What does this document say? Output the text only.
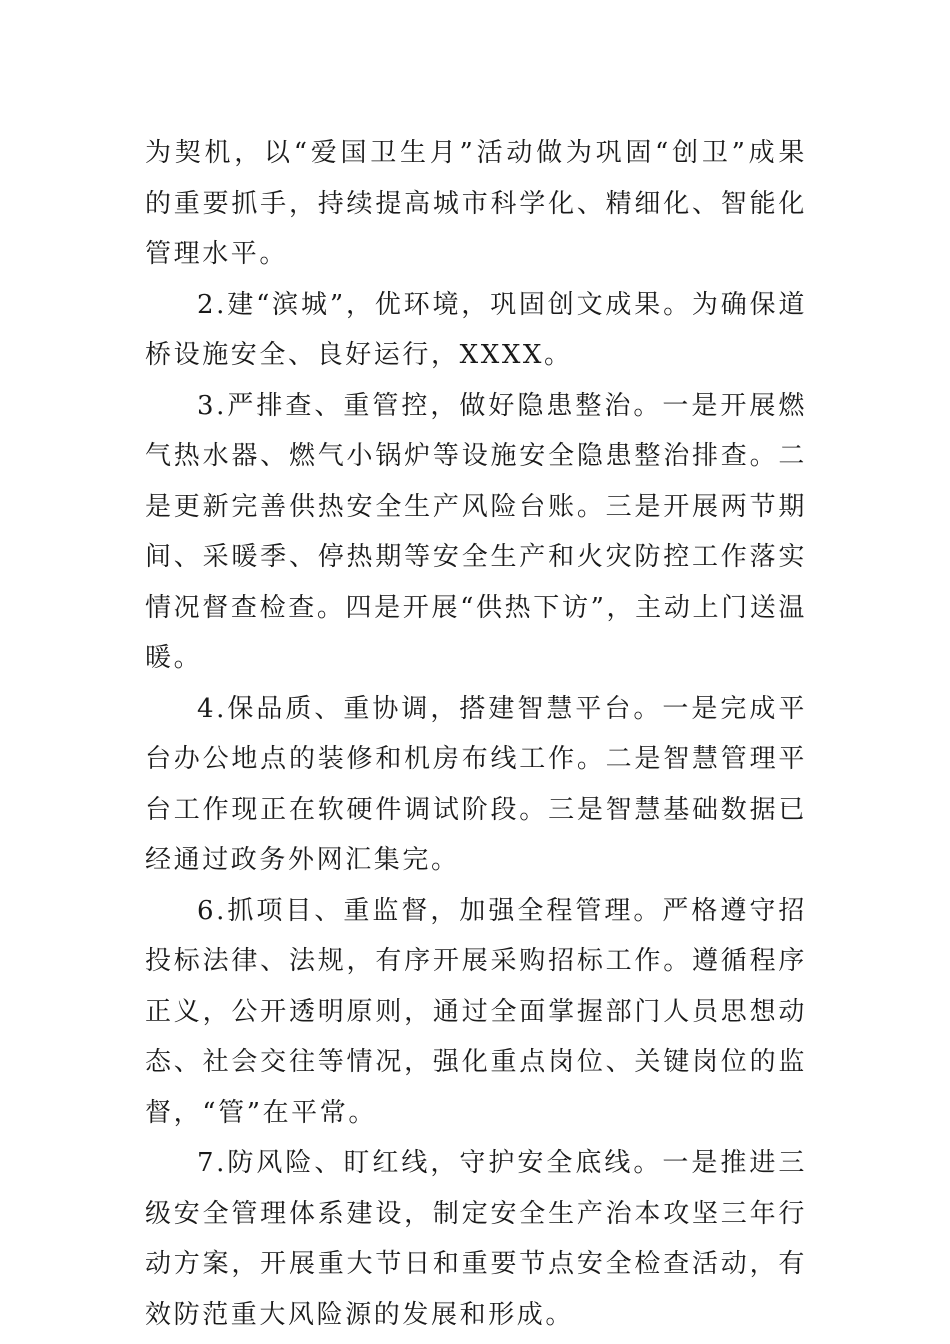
为契机，以“爱国卫生月”活动做为巩固“创卫”成果的重要抓手，持续提高城市科学化、精细化、智能化管理水平。

2.建“滨城”，优环境，巩固创文成果。为确保道桥设施安全、良好运行，XXXX。

3.严排查、重管控，做好隐患整治。一是开展燃气热水器、燃气小锅炉等设施安全隐患整治排查。二是更新完善供热安全生产风险台账。三是开展两节期间、采暖季、停热期等安全生产和火灾防控工作落实情况督查检查。四是开展“供热下访”，主动上门送温暖。

4.保品质、重协调，搭建智慧平台。一是完成平台办公地点的装修和机房布线工作。二是智慧管理平台工作现正在软硬件调试阶段。三是智慧基础数据已经通过政务外网汇集完。

6.抓项目、重监督，加强全程管理。严格遵守招投标法律、法规，有序开展采购招标工作。遵循程序正义，公开透明原则，通过全面掌握部门人员思想动态、社会交往等情况，强化重点岗位、关键岗位的监督，“管”在平常。

7.防风险、盯红线，守护安全底线。一是推进三级安全管理体系建设，制定安全生产治本攻坚三年行动方案，开展重大节日和重要节点安全检查活动，有效防范重大风险源的发展和形成。
